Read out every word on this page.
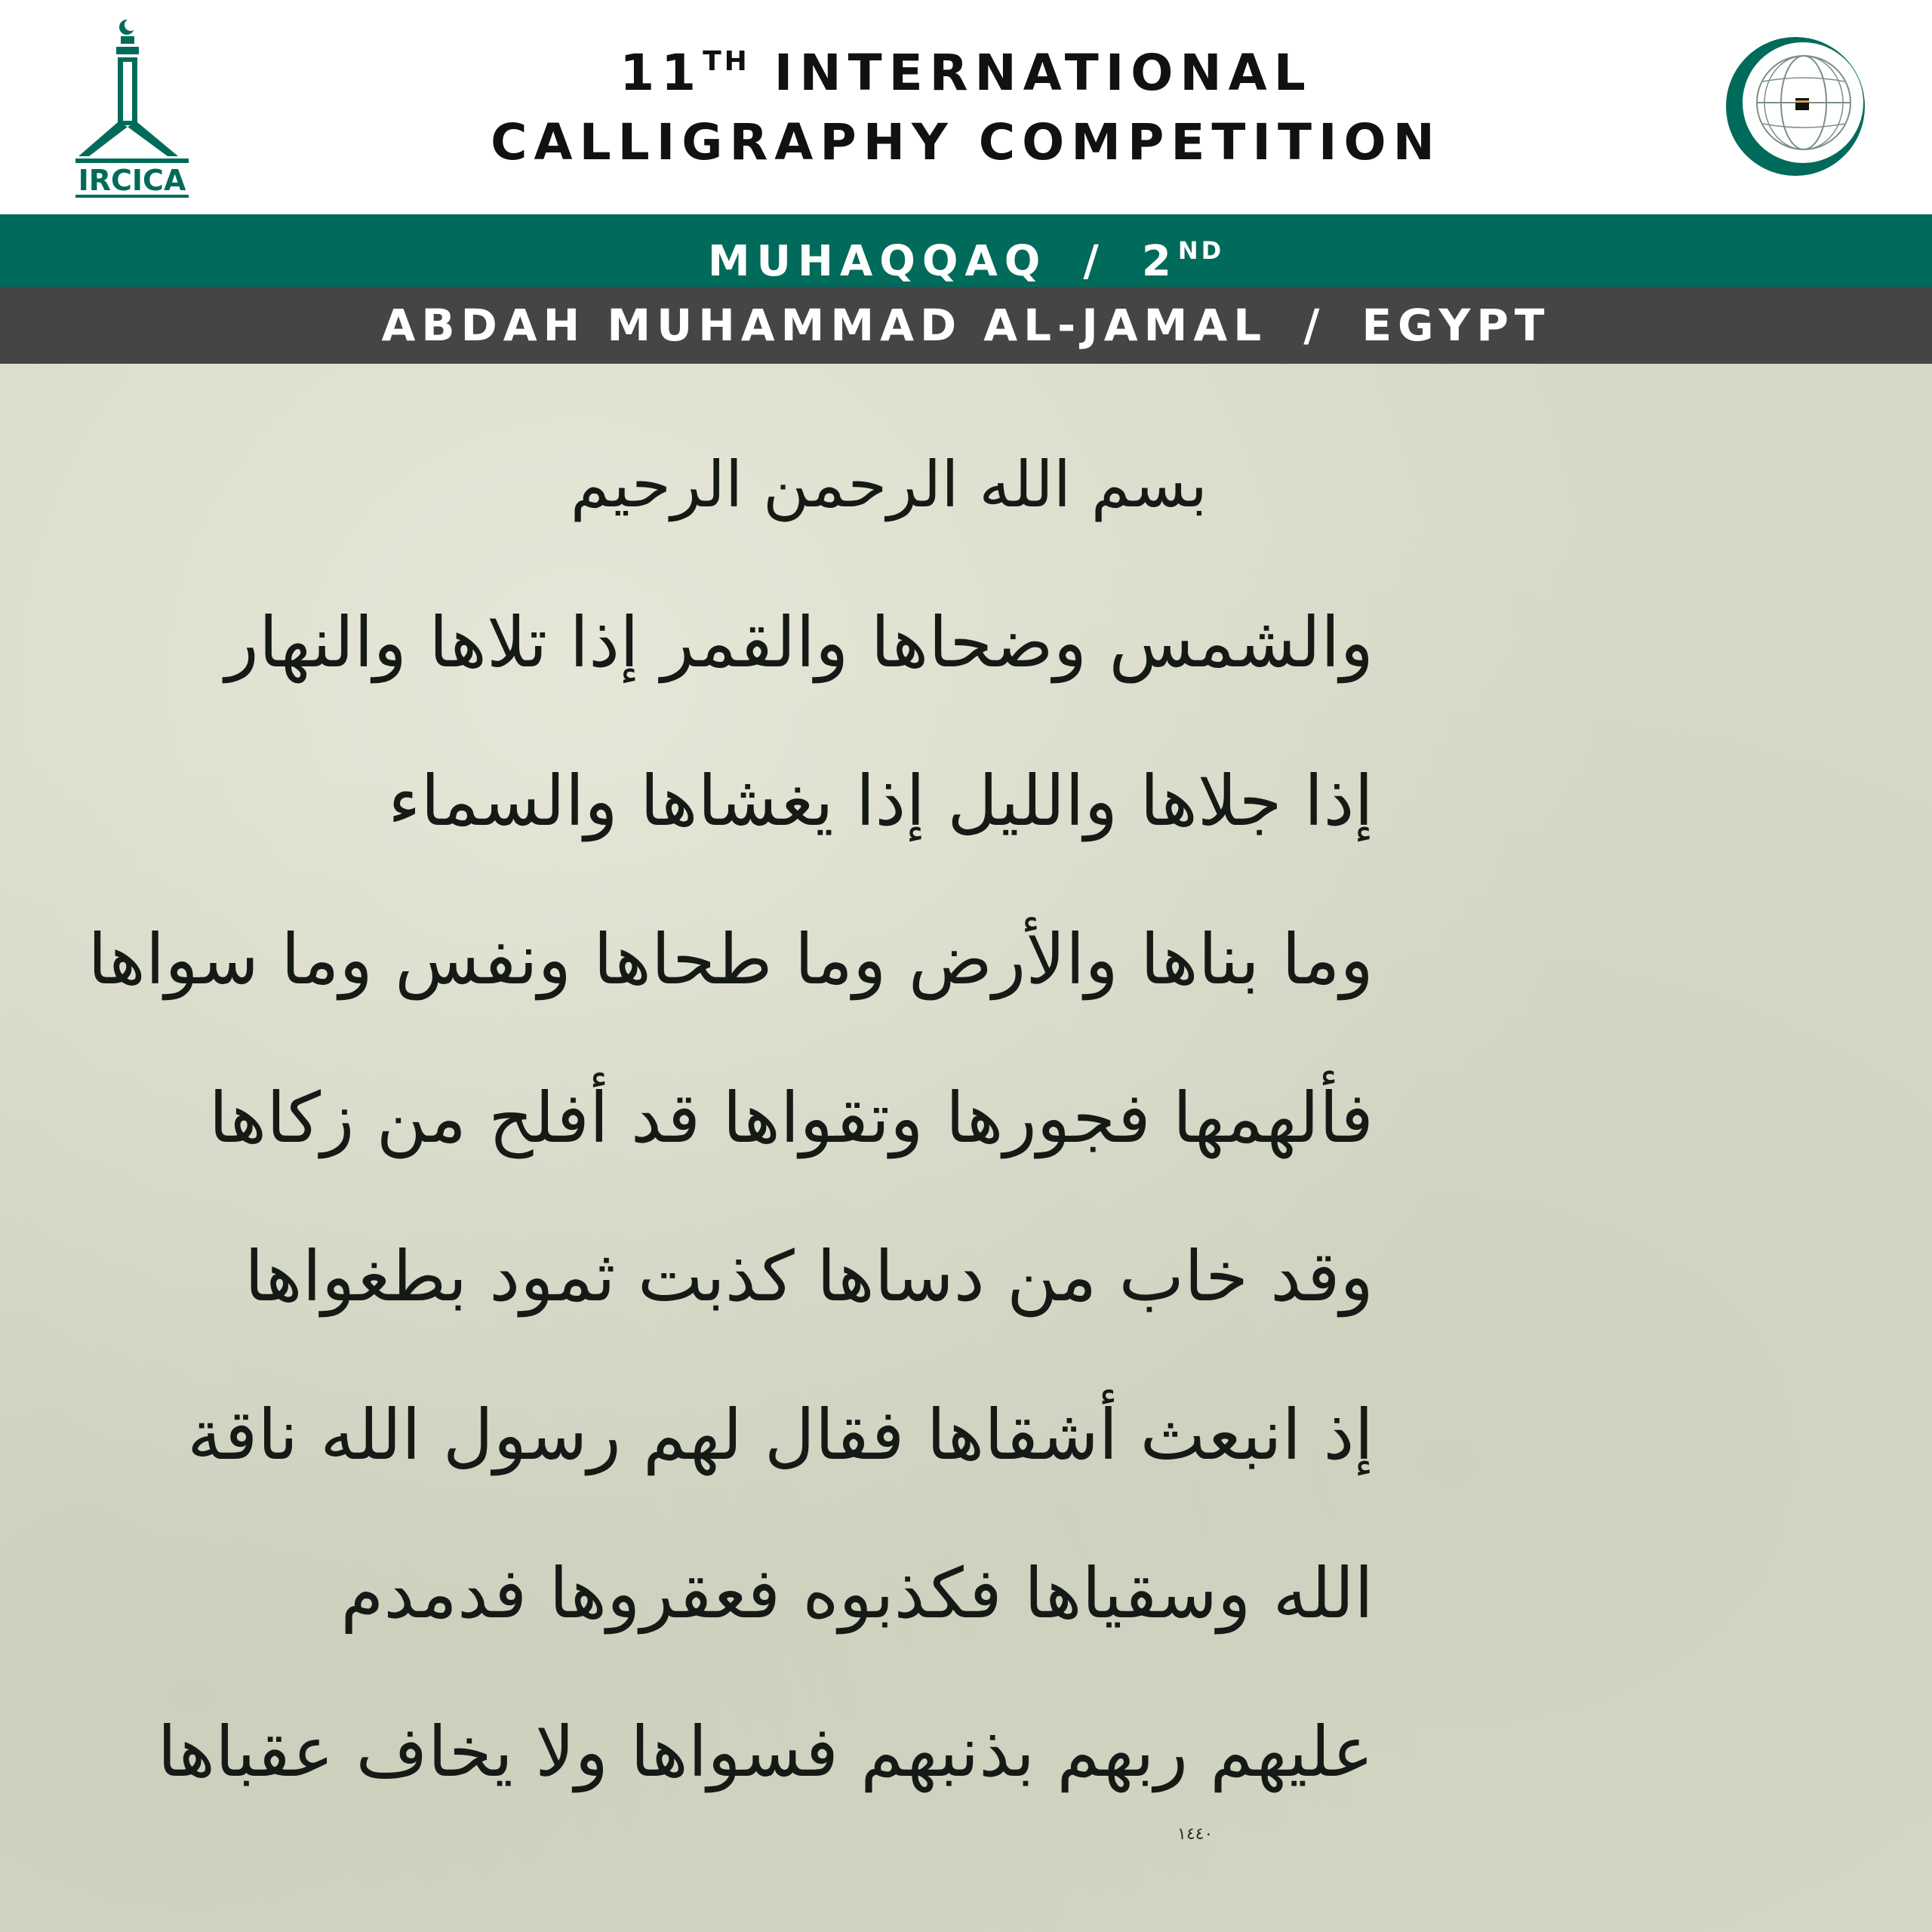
IRCICA
11TH INTERNATIONAL
CALLIGRAPHY COMPETITION
MUHAQQAQ / 2ND
ABDAH MUHAMMAD AL-JAMAL / EGYPT
بسم الله الرحمن الرحيم
والشمس وضحاها والقمر إذا تلاها والنهار
إذا جلاها والليل إذا يغشاها والسماء
وما بناها والأرض وما طحاها ونفس وما سواها
فألهمها فجورها وتقواها قد أفلح من زكاها
وقد خاب من دساها كذبت ثمود بطغواها
إذ انبعث أشقاها فقال لهم رسول الله ناقة
الله وسقياها فكذبوه فعقروها فدمدم
عليهم ربهم بذنبهم فسواها ولا يخاف عقباها
١٤٤٠
